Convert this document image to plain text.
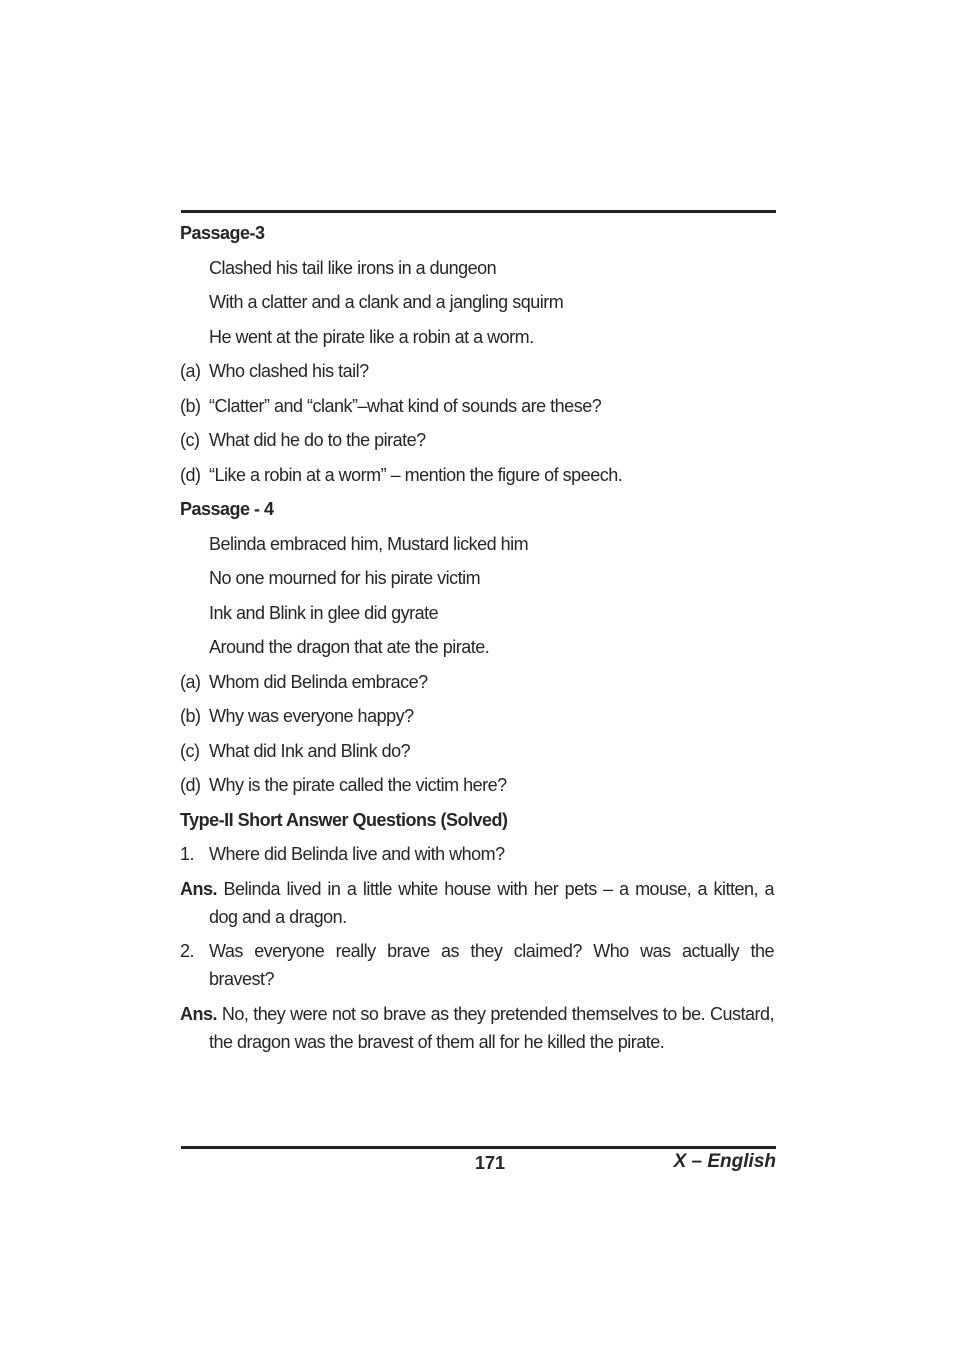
Passage-3
Clashed his tail like irons in a dungeon
With a clatter and a clank and a jangling squirm
He went at the pirate like a robin at a worm.
(a) Who clashed his tail?
(b) “Clatter” and “clank”–what kind of sounds are these?
(c) What did he do to the pirate?
(d) “Like a robin at a worm” – mention the figure of speech.
Passage - 4
Belinda embraced him, Mustard licked him
No one mourned for his pirate victim
Ink and Blink in glee did gyrate
Around the dragon that ate the pirate.
(a) Whom did Belinda embrace?
(b) Why was everyone happy?
(c) What did Ink and Blink do?
(d) Why is the pirate called the victim here?
Type-II Short Answer Questions (Solved)
1. Where did Belinda live and with whom?
Ans. Belinda lived in a little white house with her pets – a mouse, a kitten, a dog and a dragon.
2. Was everyone really brave as they claimed? Who was actually the bravest?
Ans. No, they were not so brave as they pretended themselves to be. Custard, the dragon was the bravest of them all for he killed the pirate.
171	X – English
